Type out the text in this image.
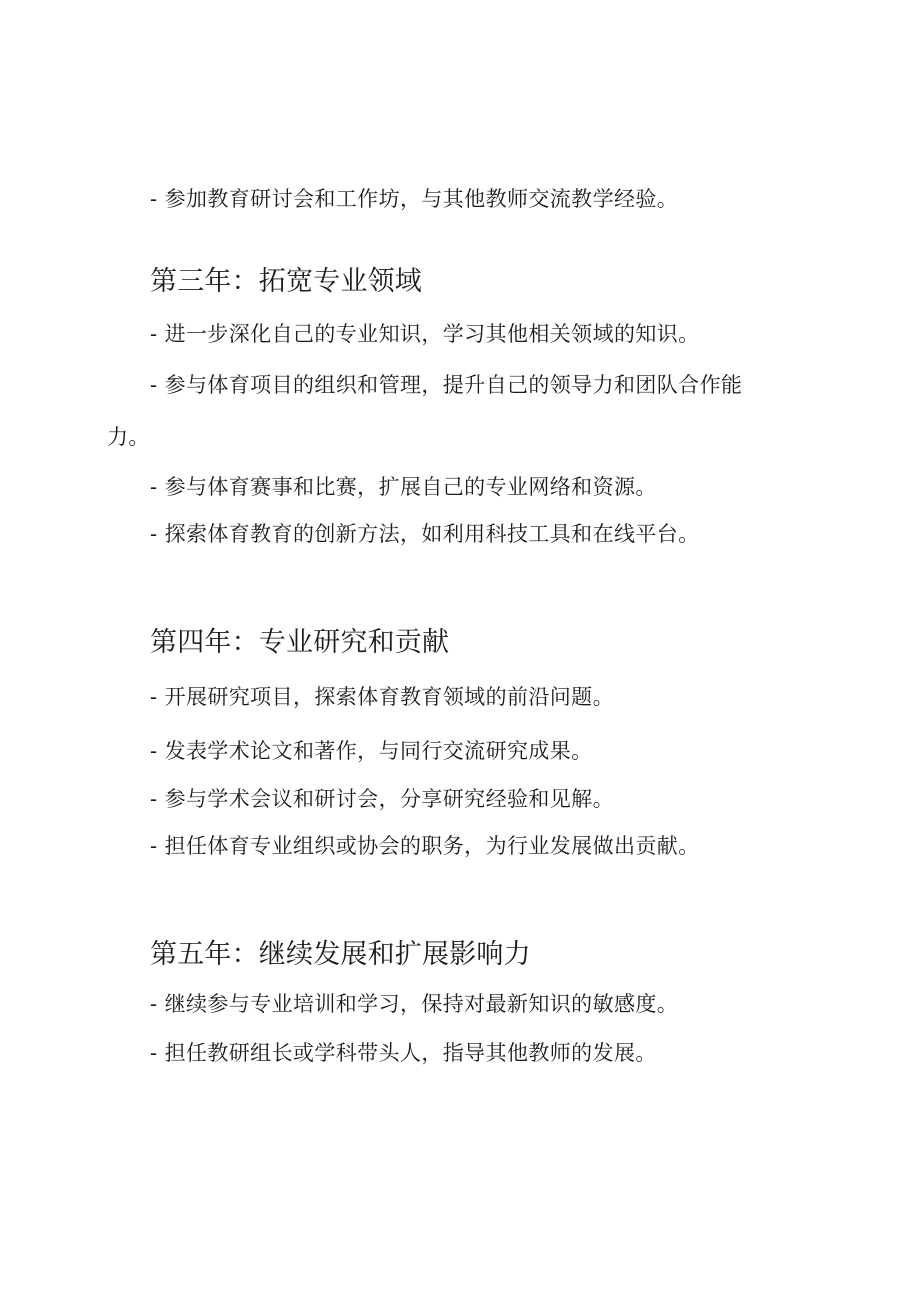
- 参加教育研讨会和工作坊，与其他教师交流教学经验。

第三年：拓宽专业领域

- 进一步深化自己的专业知识，学习其他相关领域的知识。

- 参与体育项目的组织和管理，提升自己的领导力和团队合作能

力。

- 参与体育赛事和比赛，扩展自己的专业网络和资源。

- 探索体育教育的创新方法，如利用科技工具和在线平台。

第四年：专业研究和贡献

- 开展研究项目，探索体育教育领域的前沿问题。

- 发表学术论文和著作，与同行交流研究成果。

- 参与学术会议和研讨会，分享研究经验和见解。

- 担任体育专业组织或协会的职务，为行业发展做出贡献。

第五年：继续发展和扩展影响力

- 继续参与专业培训和学习，保持对最新知识的敏感度。

- 担任教研组长或学科带头人，指导其他教师的发展。
